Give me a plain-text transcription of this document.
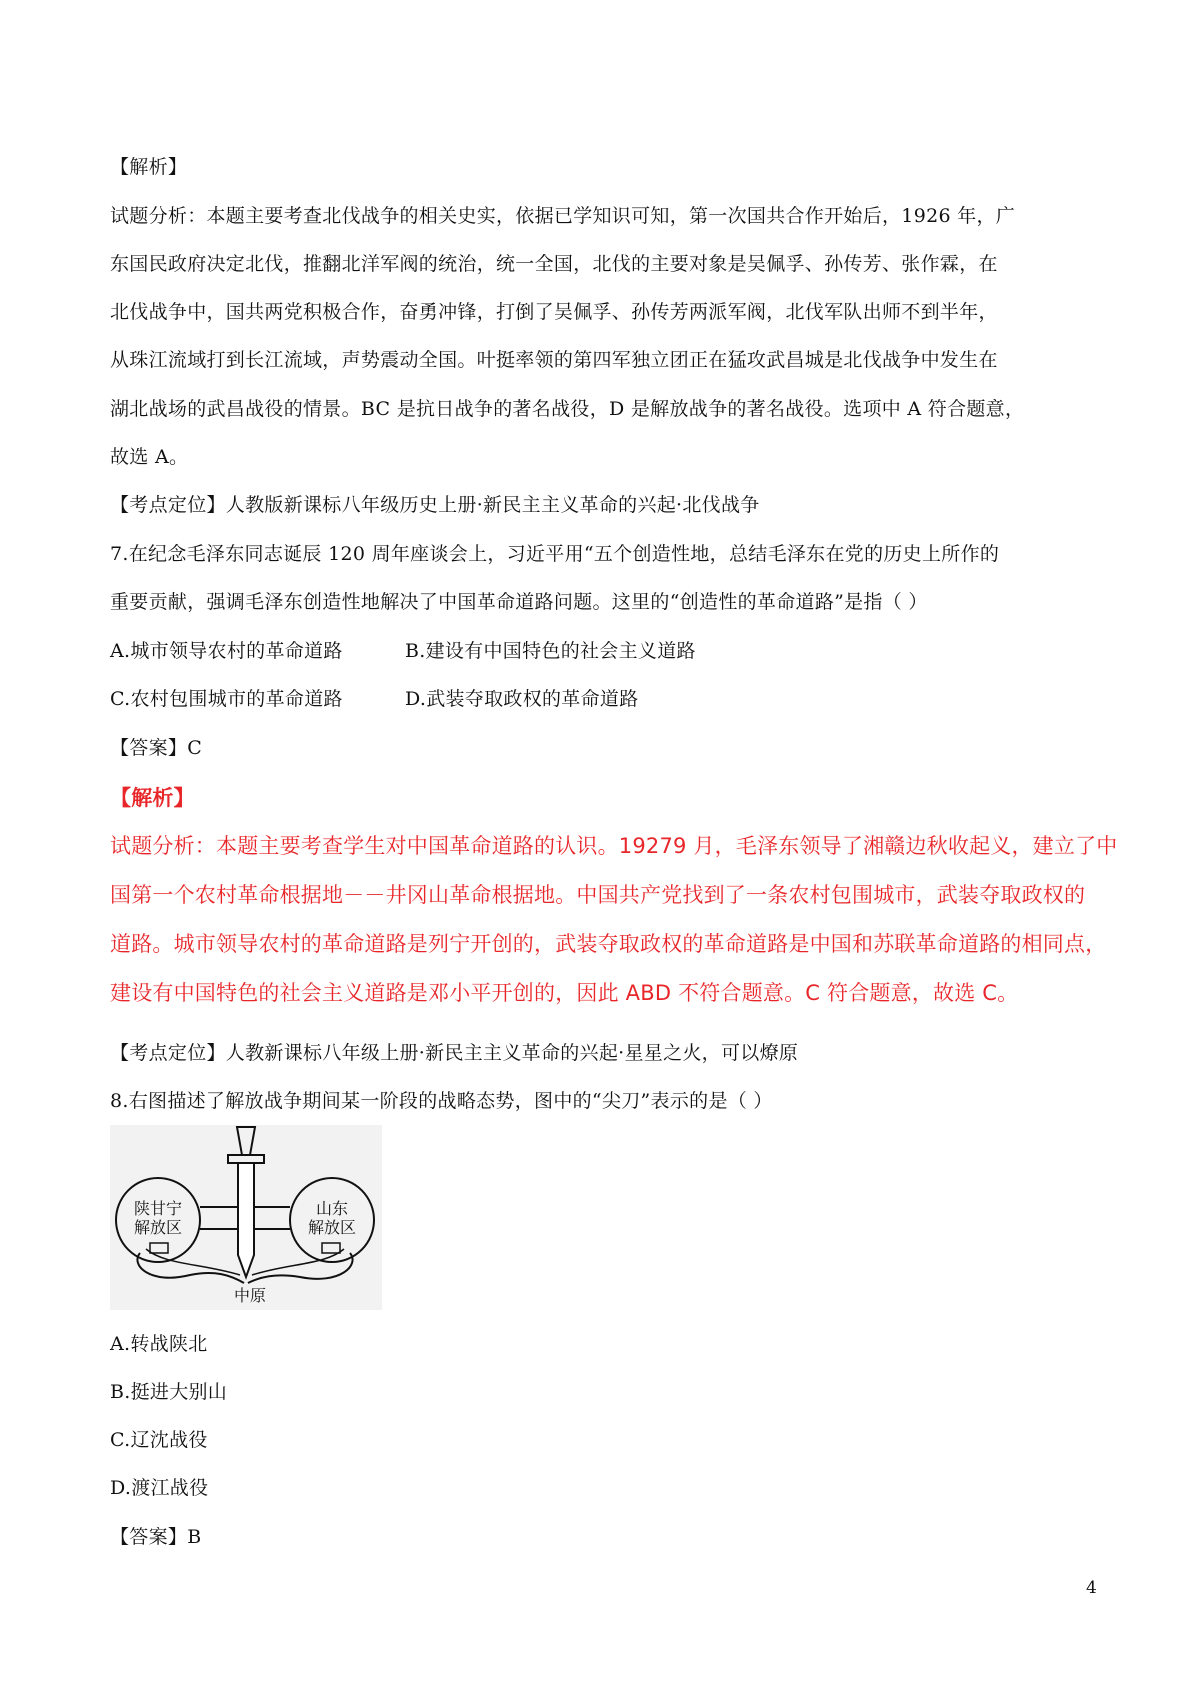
【解析】
试题分析：本题主要考查北伐战争的相关史实，依据已学知识可知，第一次国共合作开始后，1926 年，广
东国民政府决定北伐，推翻北洋军阀的统治，统一全国，北伐的主要对象是吴佩孚、孙传芳、张作霖，在
北伐战争中，国共两党积极合作，奋勇冲锋，打倒了吴佩孚、孙传芳两派军阀，北伐军队出师不到半年，
从珠江流域打到长江流域，声势震动全国。叶挺率领的第四军独立团正在猛攻武昌城是北伐战争中发生在
湖北战场的武昌战役的情景。BC 是抗日战争的著名战役，D 是解放战争的著名战役。选项中 A 符合题意，
故选 A。
【考点定位】人教版新课标八年级历史上册·新民主主义革命的兴起·北伐战争
7.在纪念毛泽东同志诞辰 120 周年座谈会上，习近平用“五个创造性地，总结毛泽东在党的历史上所作的
重要贡献，强调毛泽东创造性地解决了中国革命道路问题。这里的“创造性的革命道路”是指（ ）
A.城市领导农村的革命道路	B.建设有中国特色的社会主义道路
C.农村包围城市的革命道路	D.武装夺取政权的革命道路
【答案】C
【解析】
试题分析：本题主要考查学生对中国革命道路的认识。19279 月，毛泽东领导了湘赣边秋收起义，建立了中
国第一个农村革命根据地－－井冈山革命根据地。中国共产党找到了一条农村包围城市，武装夺取政权的
道路。城市领导农村的革命道路是列宁开创的，武装夺取政权的革命道路是中国和苏联革命道路的相同点，
建设有中国特色的社会主义道路是邓小平开创的，因此 ABD 不符合题意。C 符合题意，故选 C。
【考点定位】人教新课标八年级上册·新民主主义革命的兴起·星星之火，可以燎原
8.右图描述了解放战争期间某一阶段的战略态势，图中的“尖刀”表示的是（ ）
陕甘宁
解放区
山东
解放区
中原
A.转战陕北
B.挺进大别山
C.辽沈战役
D.渡江战役
【答案】B
4
